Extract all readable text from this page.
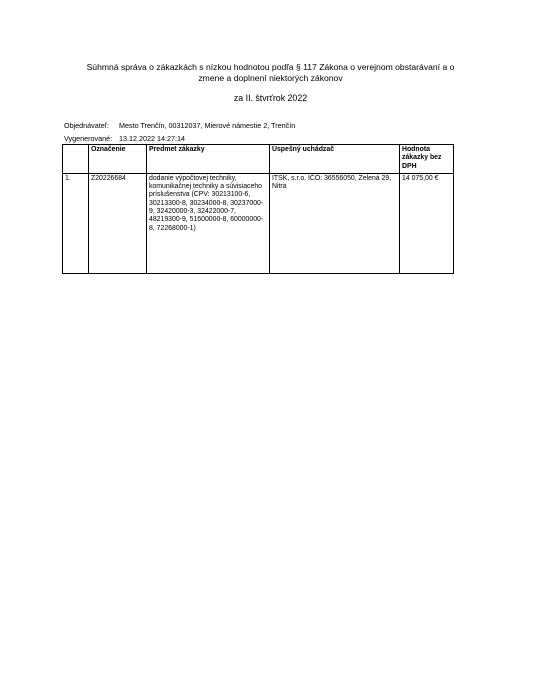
Súhmná správa o zákazkách s nízkou hodnotou podľa § 117 Zákona o verejnom obstarávaní a o
zmene a doplnení niektorých zákonov
za II. štvrťrok 2022
Objednávateľ: Mesto Trenčín, 00312037, Mierové námestie 2, Trenčín
Vygenerované: 13.12.2022 14:27:14
	Označenie	Predmet zákazky	Úspešný uchádzač	Hodnota zákazky bez DPH
1.	Z20226684	dodanie výpočtovej techniky, komunikačnej techniky a súvisiaceho príslušenstva (CPV: 30213100-6, 30213300-8, 30234000-8, 30237000-9, 32420000-3, 32422000-7, 48219300-9, 51600000-8, 60000000-8, 72268000-1)	ITSK, s.r.o. IČO: 36556050, Zelená 29, Nitra	14 075,00 €
